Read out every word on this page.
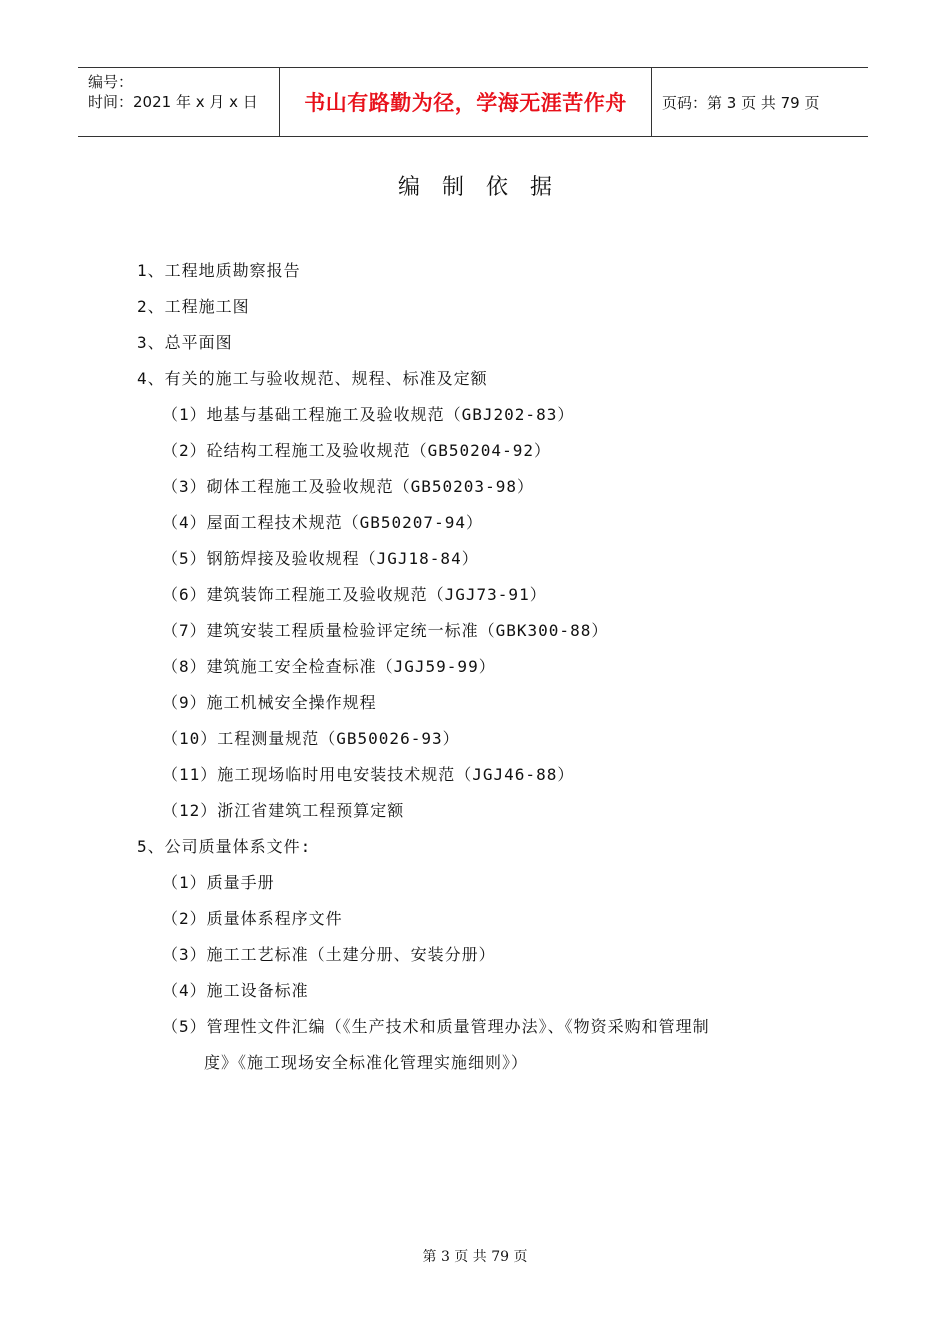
编号：
时间：2021 年 x 月 x 日	书山有路勤为径，学海无涯苦作舟 页码：第 3 页 共 79 页
编制依据
1、工程地质勘察报告
2、工程施工图
3、总平面图
4、有关的施工与验收规范、规程、标准及定额
（1）地基与基础工程施工及验收规范（GBJ202-83）
（2）砼结构工程施工及验收规范（GB50204-92）
（3）砌体工程施工及验收规范（GB50203-98）
（4）屋面工程技术规范（GB50207-94）
（5）钢筋焊接及验收规程（JGJ18-84）
（6）建筑装饰工程施工及验收规范（JGJ73-91）
（7）建筑安装工程质量检验评定统一标准（GBK300-88）
（8）建筑施工安全检查标准（JGJ59-99）
（9）施工机械安全操作规程
（10）工程测量规范（GB50026-93）
（11）施工现场临时用电安装技术规范（JGJ46-88）
（12）浙江省建筑工程预算定额
5、公司质量体系文件:
（1）质量手册
（2）质量体系程序文件
（3）施工工艺标准（土建分册、安装分册）
（4）施工设备标准
（5）管理性文件汇编（《生产技术和质量管理办法》、《物资采购和管理制
度》《施工现场安全标准化管理实施细则》）
第 3 页 共 79 页
